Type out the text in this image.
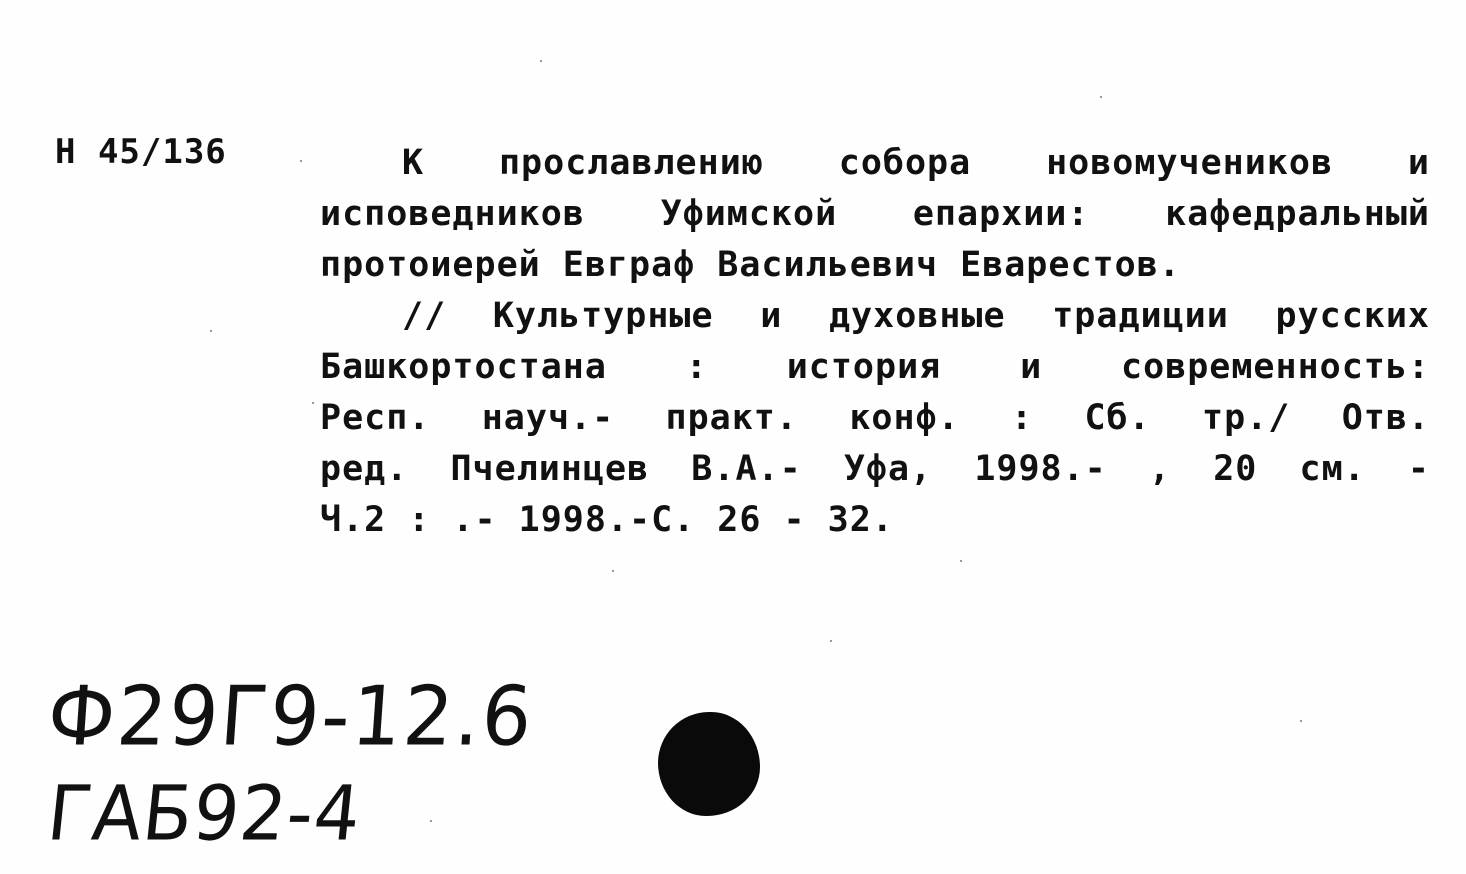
Н 45/136	К прославлению собора новомучеников и
исповедников Уфимской епархии: кафедральный
протоиерей Евграф Васильевич Еварестов.
// Культурные и духовные традиции русских
Башкортостана : история и современность:
Респ. науч.- практ. конф. : Сб. тр./ Отв.
ред. Пчелинцев В.А.- Уфа, 1998.- , 20 см. -
Ч.2 : .- 1998.-С. 26 - 32.
Ф29Г9-12.6
ГАБ92-4
